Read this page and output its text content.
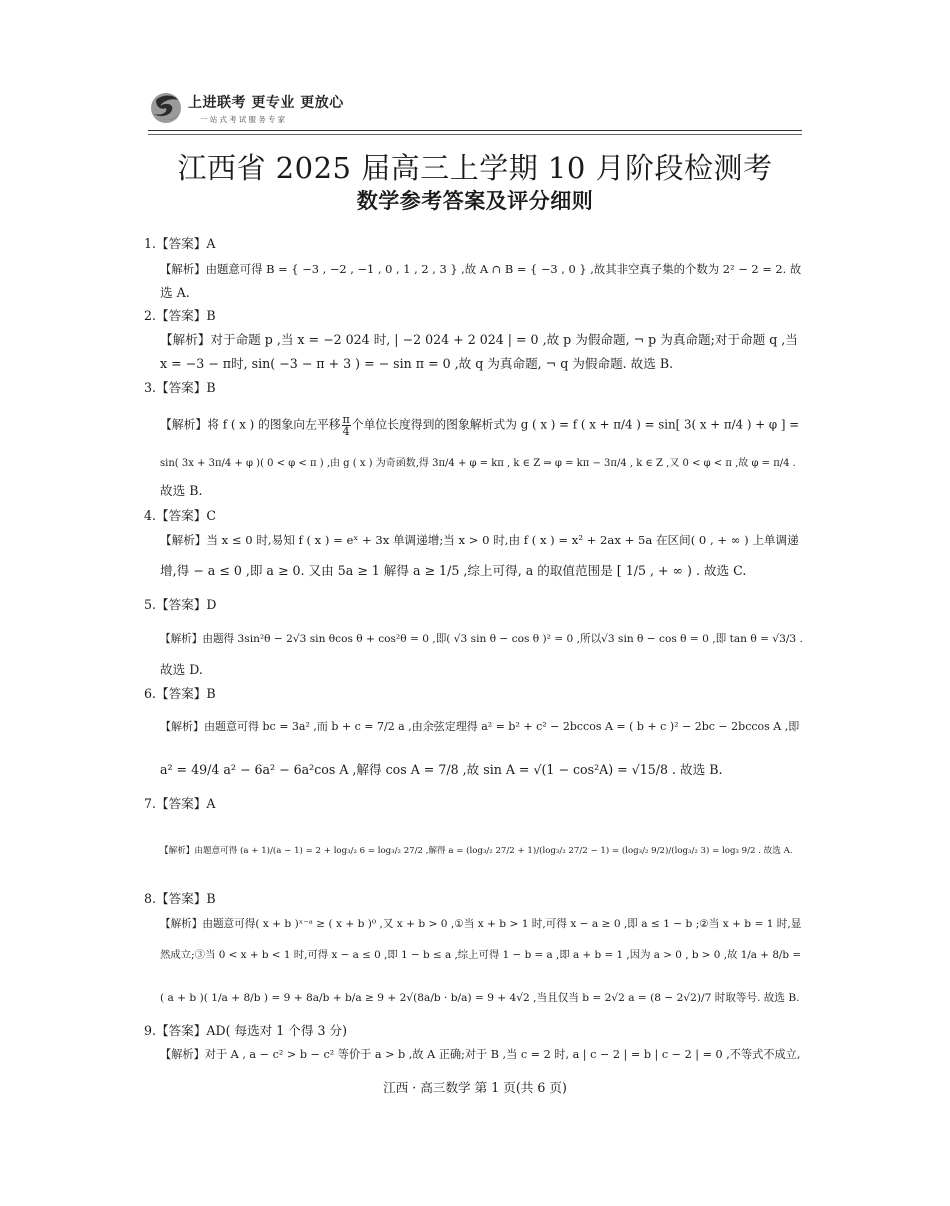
上进联考 更专业 更放心
一站式考试服务专家
江西省 2025 届高三上学期 10 月阶段检测考
数学参考答案及评分细则
1.【答案】A
【解析】由题意可得 B = { −3 , −2 , −1 , 0 , 1 , 2 , 3 } ,故 A ∩ B = { −3 , 0 } ,故其非空真子集的个数为 2² − 2 = 2. 故
选 A.
2.【答案】B
【解析】对于命题 p ,当 x = −2 024 时, | −2 024 + 2 024 | = 0 ,故 p 为假命题, ¬ p 为真命题;对于命题 q ,当
x = −3 − π时, sin( −3 − π + 3 ) = − sin π = 0 ,故 q 为真命题, ¬ q 为假命题. 故选 B.
3.【答案】B
【解析】将 f ( x ) 的图象向左平移 $\frac{\pi}{4}$ 个单位长度得到的图象解析式为 g ( x ) = f ( x + π/4 ) = sin[ 3( x + π/4 ) + φ ] =
sin( 3x + 3π/4 + φ )( 0 < φ < π ) ,由 g ( x ) 为奇函数,得 3π/4 + φ = kπ , k ∈ Z ⇒ φ = kπ − 3π/4 , k ∈ Z ,又 0 < φ < π ,故 φ = π/4 .
故选 B.
4.【答案】C
【解析】当 x ≤ 0 时,易知 f ( x ) = eˣ + 3x 单调递增;当 x > 0 时,由 f ( x ) = x² + 2ax + 5a 在区间( 0 , + ∞ ) 上单调递
增,得 − a ≤ 0 ,即 a ≥ 0. 又由 5a ≥ 1 解得 a ≥ 1/5 ,综上可得, a 的取值范围是 [ 1/5 , + ∞ ) . 故选 C.
5.【答案】D
【解析】由题得 3sin²θ − 2√3 sin θcos θ + cos²θ = 0 ,即( √3 sin θ − cos θ )² = 0 ,所以√3 sin θ − cos θ = 0 ,即 tan θ = √3/3 .
故选 D.
6.【答案】B
【解析】由题意可得 bc = 3a² ,而 b + c = 7/2 a ,由余弦定理得 a² = b² + c² − 2bccos A = ( b + c )² − 2bc − 2bccos A ,即
a² = 49/4 a² − 6a² − 6a²cos A ,解得 cos A = 7/8 ,故 sin A = √(1 − cos²A) = √15/8 . 故选 B.
7.【答案】A
【解析】由题意可得 (a + 1)/(a − 1) = 2 + log₃/₂ 6 = log₃/₂ 27/2 ,解得 a = (log₃/₂ 27/2 + 1)/(log₃/₂ 27/2 − 1) = (log₃/₂ 9/2)/(log₃/₂ 3) = log₃ 9/2 . 故选 A.
8.【答案】B
【解析】由题意可得( x + b )ˣ⁻ᵃ ≥ ( x + b )⁰ ,又 x + b > 0 ,①当 x + b > 1 时,可得 x − a ≥ 0 ,即 a ≤ 1 − b ;②当 x + b = 1 时,显
然成立;③当 0 < x + b < 1 时,可得 x − a ≤ 0 ,即 1 − b ≤ a ,综上可得 1 − b = a ,即 a + b = 1 ,因为 a > 0 , b > 0 ,故 1/a + 8/b =
( a + b )( 1/a + 8/b ) = 9 + 8a/b + b/a ≥ 9 + 2√(8a/b · b/a) = 9 + 4√2 ,当且仅当 b = 2√2 a = (8 − 2√2)/7 时取等号. 故选 B.
9.【答案】AD( 每选对 1 个得 3 分)
【解析】对于 A , a − c² > b − c² 等价于 a > b ,故 A 正确;对于 B ,当 c = 2 时, a | c − 2 | = b | c − 2 | = 0 ,不等式不成立,
江西 · 高三数学 第 1 页(共 6 页)
